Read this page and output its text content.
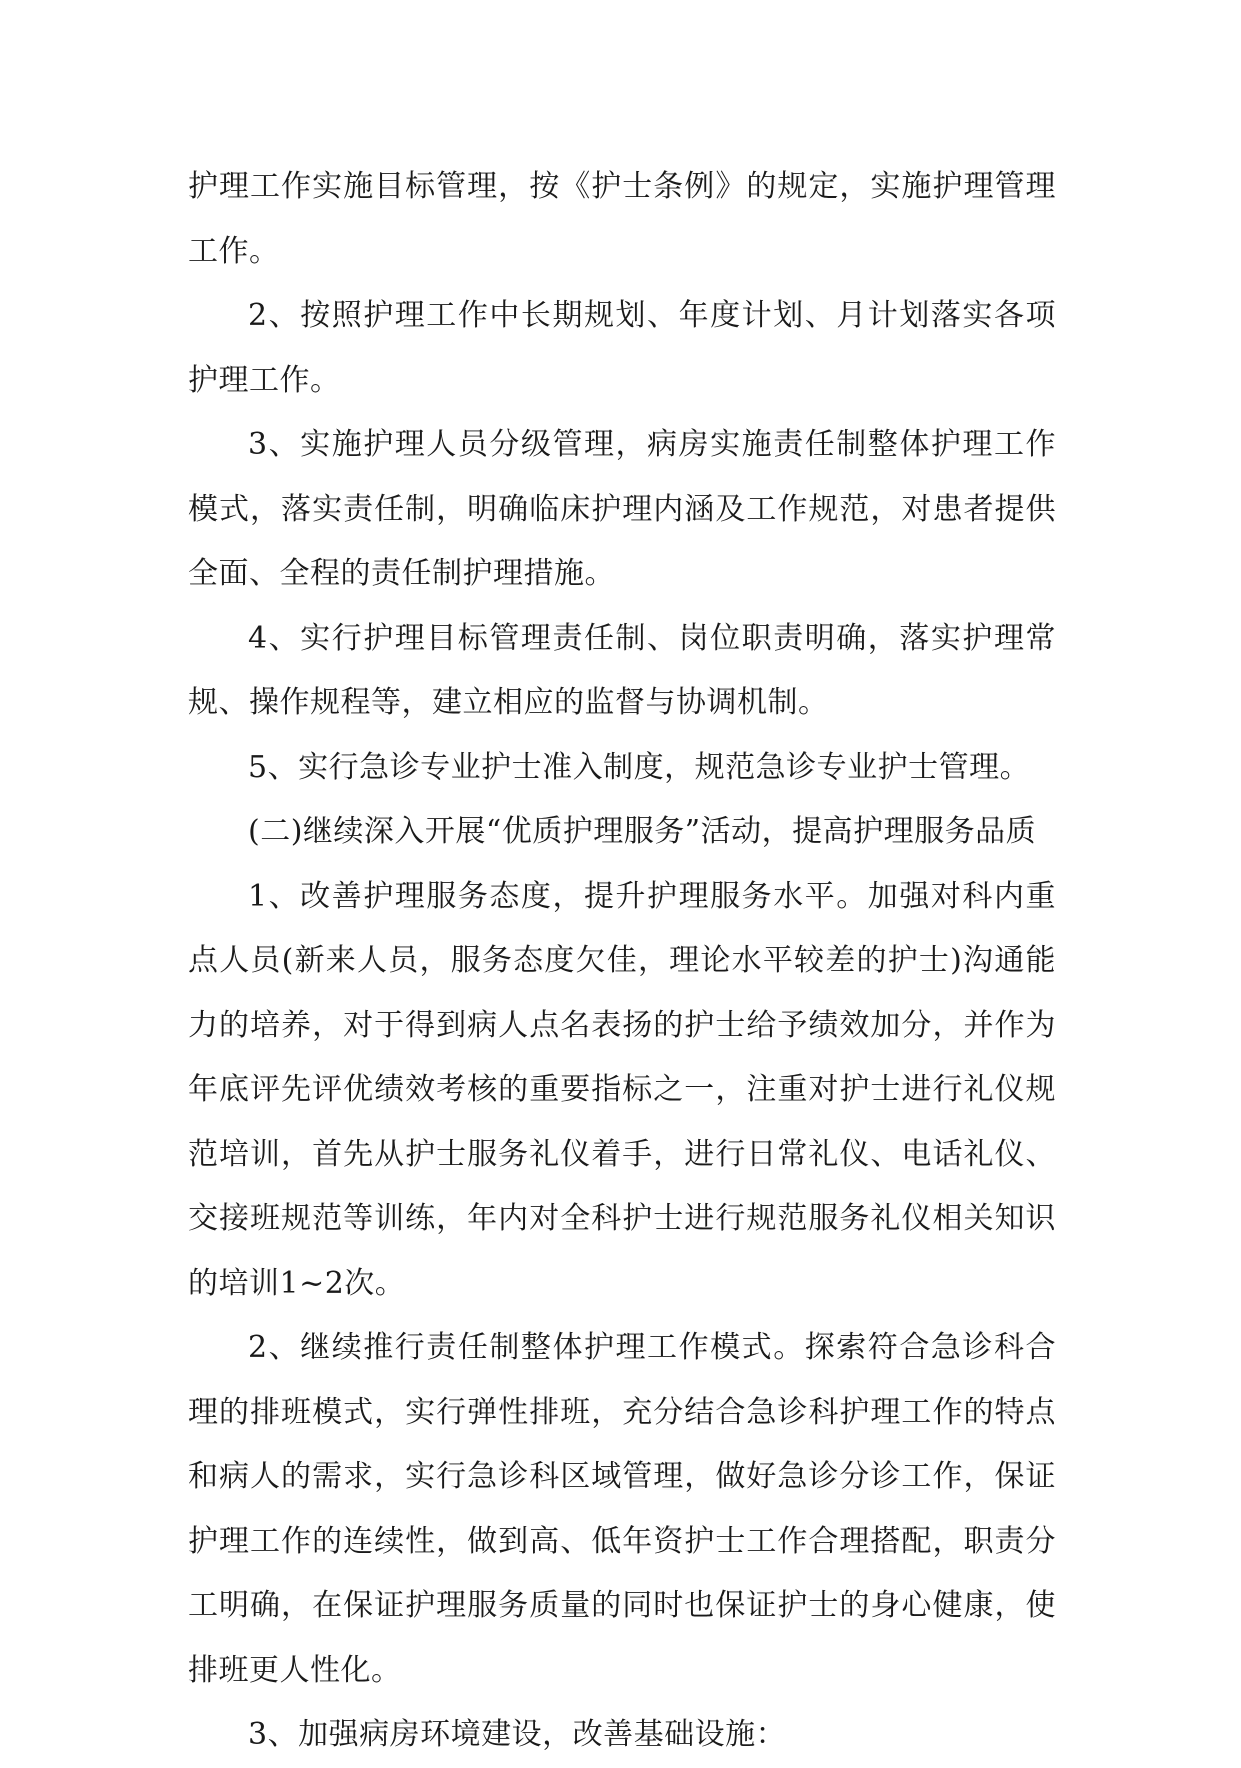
护理工作实施目标管理，按《护士条例》的规定，实施护理管理工作。

2、按照护理工作中长期规划、年度计划、月计划落实各项护理工作。

3、实施护理人员分级管理，病房实施责任制整体护理工作模式，落实责任制，明确临床护理内涵及工作规范，对患者提供全面、全程的责任制护理措施。

4、实行护理目标管理责任制、岗位职责明确，落实护理常规、操作规程等，建立相应的监督与协调机制。

5、实行急诊专业护士准入制度，规范急诊专业护士管理。

(二)继续深入开展“优质护理服务”活动，提高护理服务品质

1、改善护理服务态度，提升护理服务水平。加强对科内重点人员(新来人员，服务态度欠佳，理论水平较差的护士)沟通能力的培养，对于得到病人点名表扬的护士给予绩效加分，并作为年底评先评优绩效考核的重要指标之一，注重对护士进行礼仪规范培训，首先从护士服务礼仪着手，进行日常礼仪、电话礼仪、交接班规范等训练，年内对全科护士进行规范服务礼仪相关知识的培训1~2次。

2、继续推行责任制整体护理工作模式。探索符合急诊科合理的排班模式，实行弹性排班，充分结合急诊科护理工作的特点和病人的需求，实行急诊科区域管理，做好急诊分诊工作，保证护理工作的连续性，做到高、低年资护士工作合理搭配，职责分工明确，在保证护理服务质量的同时也保证护士的身心健康，使排班更人性化。

3、加强病房环境建设，改善基础设施：
